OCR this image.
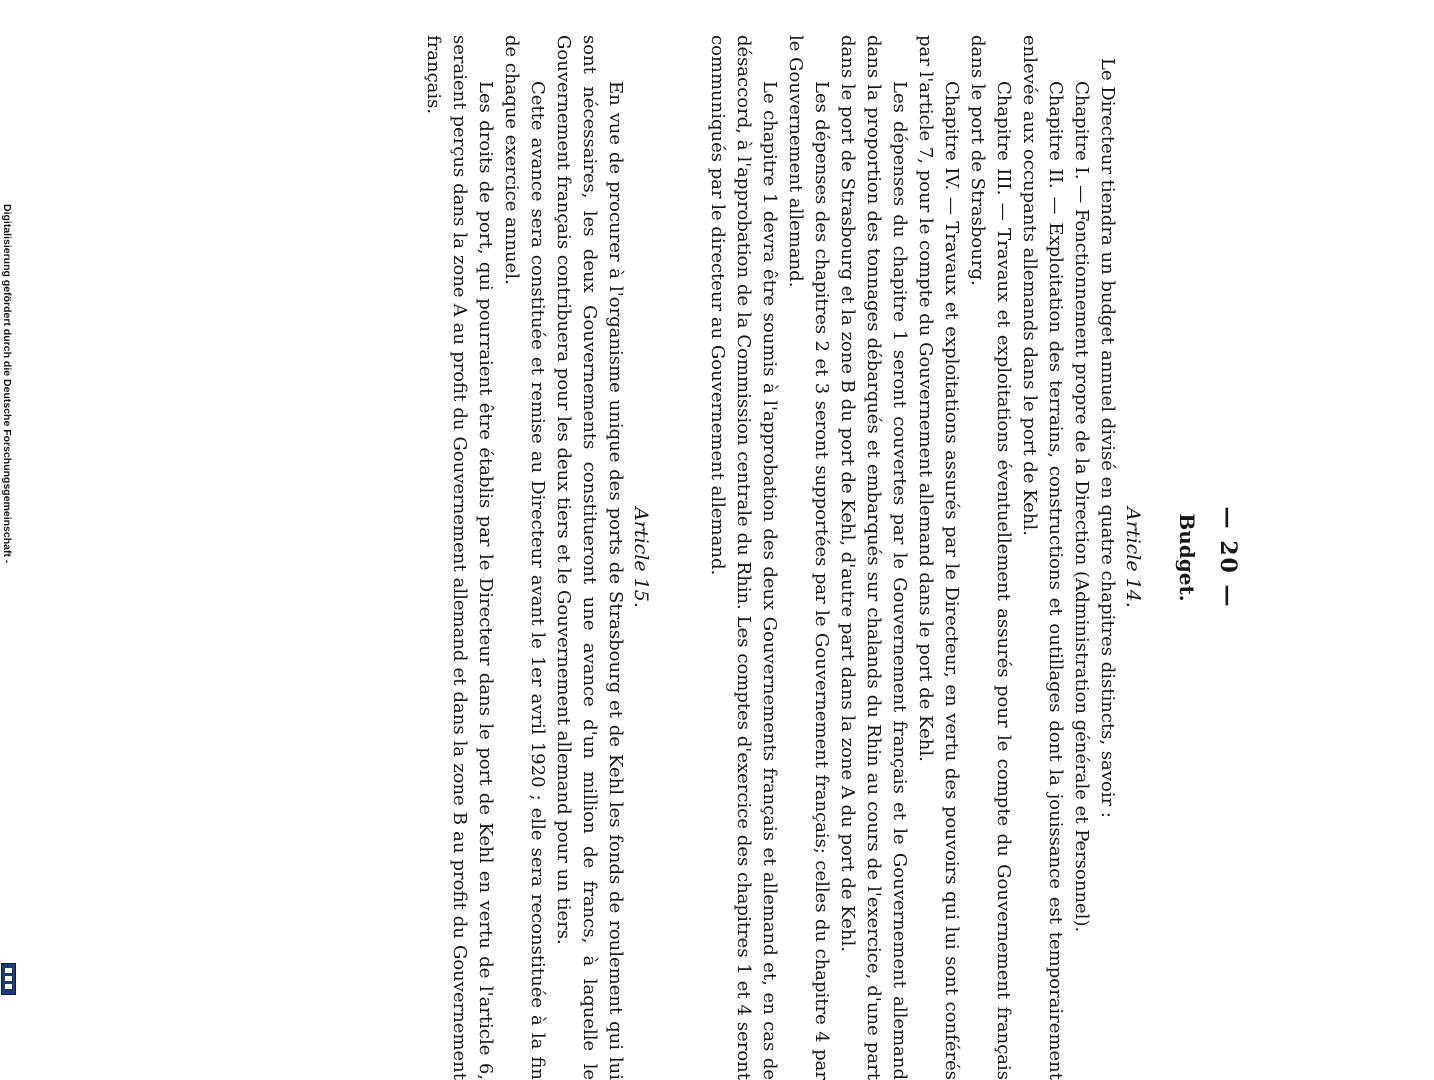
— 20 —
Budget.

Article 14.

Le Directeur tiendra un budget annuel divisé en quatre chapitres distincts, savoir :

Chapitre I. — Fonctionnement propre de la Direction (Administration générale et Personnel).

Chapitre II. — Exploitation des terrains, constructions et outillages dont la jouissance est temporairement enlevée aux occupants allemands dans le port de Kehl.

Chapitre III. — Travaux et exploitations éventuellement assurés pour le compte du Gouvernement français dans le port de Strasbourg.

Chapitre IV. — Travaux et exploitations assurés par le Directeur, en vertu des pouvoirs qui lui sont conférés par l'article 7, pour le compte du Gouvernement allemand dans le port de Kehl.

Les dépenses du chapitre 1 seront couvertes par le Gouvernement français et le Gouvernement allemand dans la proportion des tonnages débarqués et embarqués sur chalands du Rhin au cours de l'exercice, d'une part dans le port de Strasbourg et la zone B du port de Kehl, d'autre part dans la zone A du port de Kehl.

Les dépenses des chapitres 2 et 3 seront supportées par le Gouvernement français; celles du chapitre 4 par le Gouvernement allemand.

Le chapitre 1 devra être soumis à l'approbation des deux Gouvernements français et allemand et, en cas de désaccord, à l'approbation de la Commission centrale du Rhin. Les comptes d'exercice des chapitres 1 et 4 seront communiqués par le directeur au Gouvernement allemand.

Article 15.

En vue de procurer à l'organisme unique des ports de Strasbourg et de Kehl les fonds de roulement qui lui sont nécessaires, les deux Gouvernements constitueront une avance d'un million de francs, à laquelle le Gouvernement français contribuera pour les deux tiers et le Gouvernement allemand pour un tiers.

Cette avance sera constituée et remise au Directeur avant le 1er avril 1920 ; elle sera reconstituée à la fin de chaque exercice annuel.

Les droits de port, qui pourraient être établis par le Directeur dans le port de Kehl en vertu de l'article 6, seraient perçus dans la zone A au profit du Gouvernement allemand et dans la zone B au profit du Gouvernement français.

Digitalisierung gefördert durch die Deutsche Forschungsgemeinschaft -
